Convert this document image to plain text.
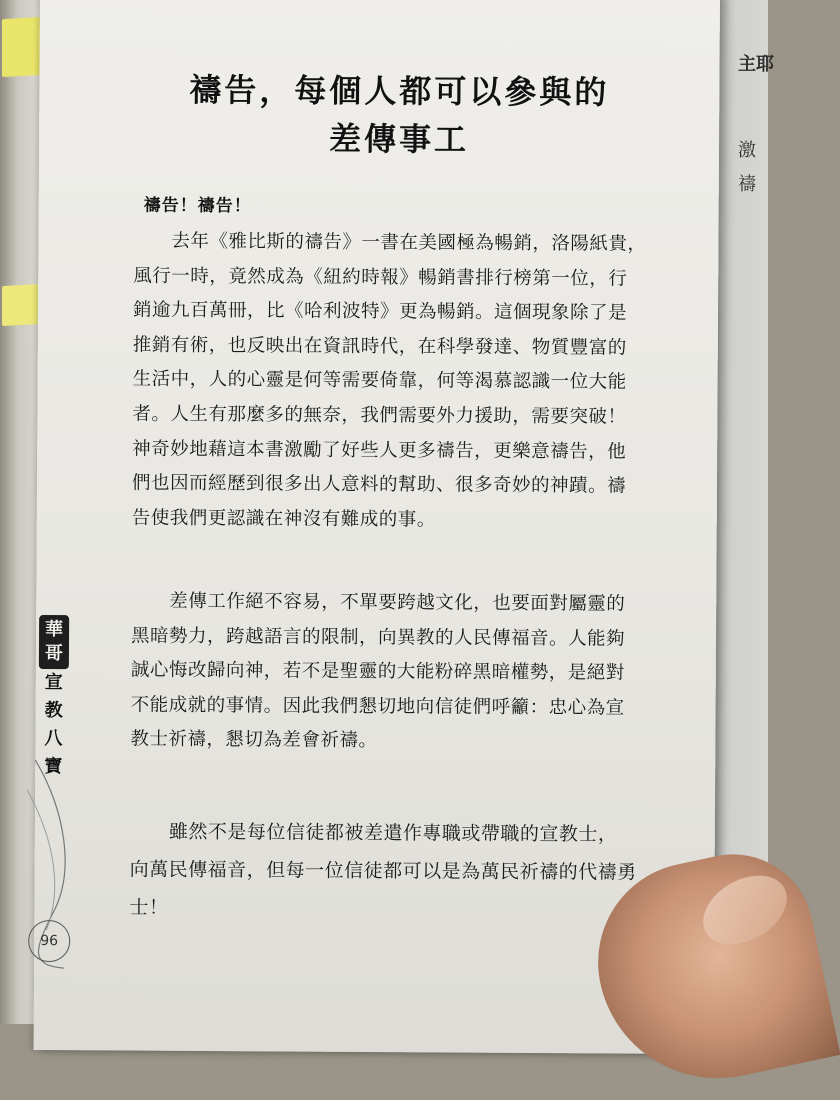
主耶
激
禱
禱告，每個人都可以參與的
差傳事工
禱告！禱告！
　　去年《雅比斯的禱告》一書在美國極為暢銷，洛陽紙貴，
風行一時，竟然成為《紐約時報》暢銷書排行榜第一位，行
銷逾九百萬冊，比《哈利波特》更為暢銷。這個現象除了是
推銷有術，也反映出在資訊時代，在科學發達、物質豐富的
生活中，人的心靈是何等需要倚靠，何等渴慕認識一位大能
者。人生有那麼多的無奈，我們需要外力援助，需要突破！
神奇妙地藉這本書激勵了好些人更多禱告，更樂意禱告，他
們也因而經歷到很多出人意料的幫助、很多奇妙的神蹟。禱
告使我們更認識在神沒有難成的事。
　　差傳工作絕不容易，不單要跨越文化，也要面對屬靈的
黑暗勢力，跨越語言的限制，向異教的人民傳福音。人能夠
誠心悔改歸向神，若不是聖靈的大能粉碎黑暗權勢，是絕對
不能成就的事情。因此我們懇切地向信徒們呼籲：忠心為宣
教士祈禱，懇切為差會祈禱。
　　雖然不是每位信徒都被差遣作專職或帶職的宣教士，
向萬民傳福音，但每一位信徒都可以是為萬民祈禱的代禱勇
士！
華
哥
宣
教
八
寶
96
